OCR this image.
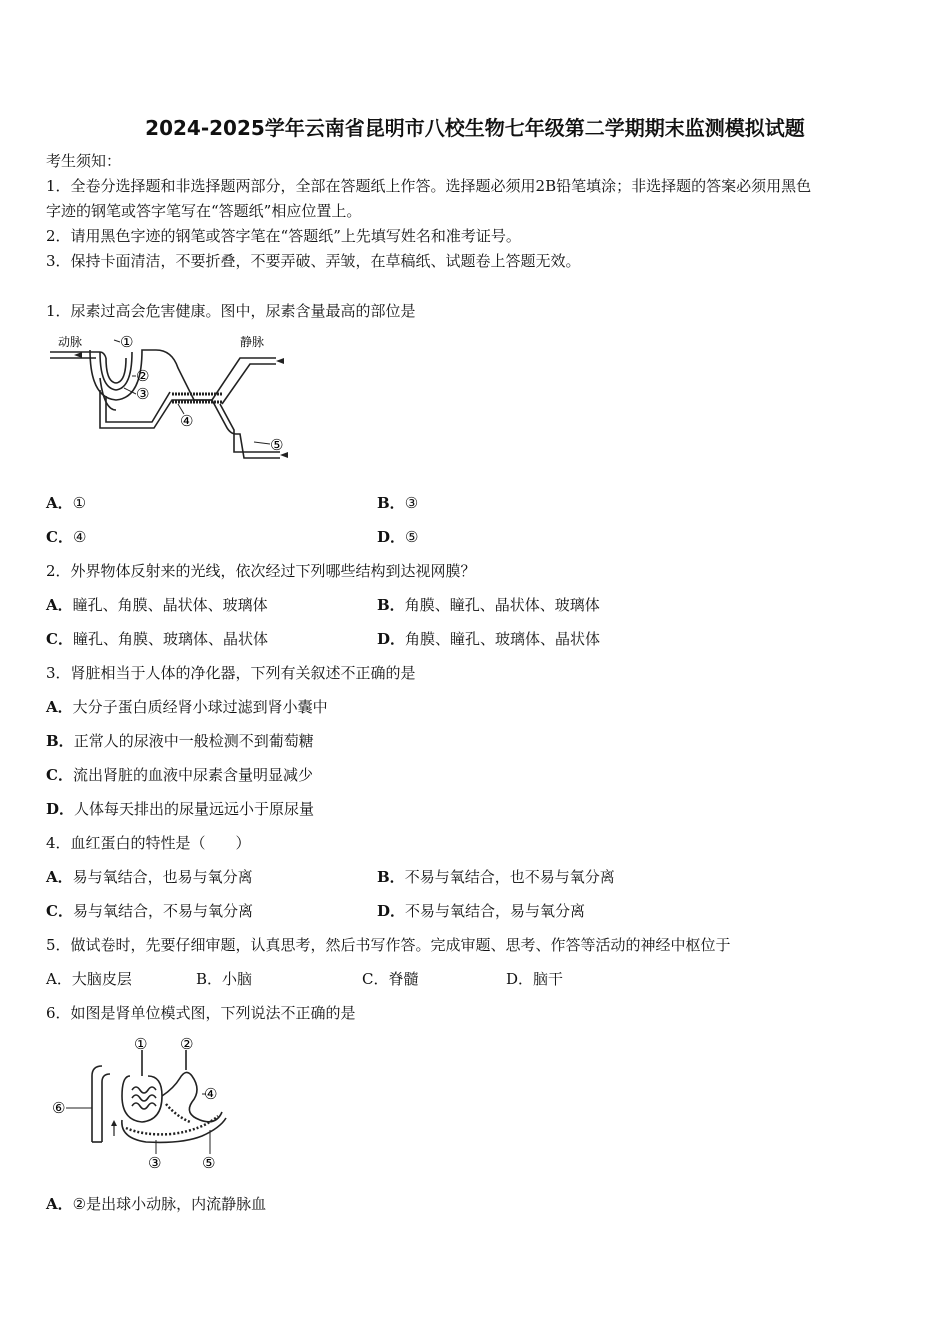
2024-2025学年云南省昆明市八校生物七年级第二学期期末监测模拟试题
考生须知：
1．全卷分选择题和非选择题两部分，全部在答题纸上作答。选择题必须用2B铅笔填涂；非选择题的答案必须用黑色
字迹的钢笔或答字笔写在“答题纸”相应位置上。
2．请用黑色字迹的钢笔或答字笔在“答题纸”上先填写姓名和准考证号。
3．保持卡面清洁，不要折叠，不要弄破、弄皱，在草稿纸、试题卷上答题无效。
1．尿素过高会危害健康。图中，尿素含量最高的部位是
动脉	静脉
①
②
③
④
⑤
A．①	B．③
C．④	D．⑤
2．外界物体反射来的光线，依次经过下列哪些结构到达视网膜？
A．瞳孔、角膜、晶状体、玻璃体	B．角膜、瞳孔、晶状体、玻璃体
C．瞳孔、角膜、玻璃体、晶状体	D．角膜、瞳孔、玻璃体、晶状体
3．肾脏相当于人体的净化器，下列有关叙述不正确的是
A．大分子蛋白质经肾小球过滤到肾小囊中
B．正常人的尿液中一般检测不到葡萄糖
C．流出肾脏的血液中尿素含量明显减少
D．人体每天排出的尿量远远小于原尿量
4．血红蛋白的特性是（　　）
A．易与氧结合，也易与氧分离	B．不易与氧结合，也不易与氧分离
C．易与氧结合，不易与氧分离	D．不易与氧结合，易与氧分离
5．做试卷时，先要仔细审题，认真思考，然后书写作答。完成审题、思考、作答等活动的神经中枢位于
A．大脑皮层	B．小脑	C．脊髓	D．脑干
6．如图是肾单位模式图，下列说法不正确的是
⑥
① ②
④
③	⑤
A．②是出球小动脉，内流静脉血
